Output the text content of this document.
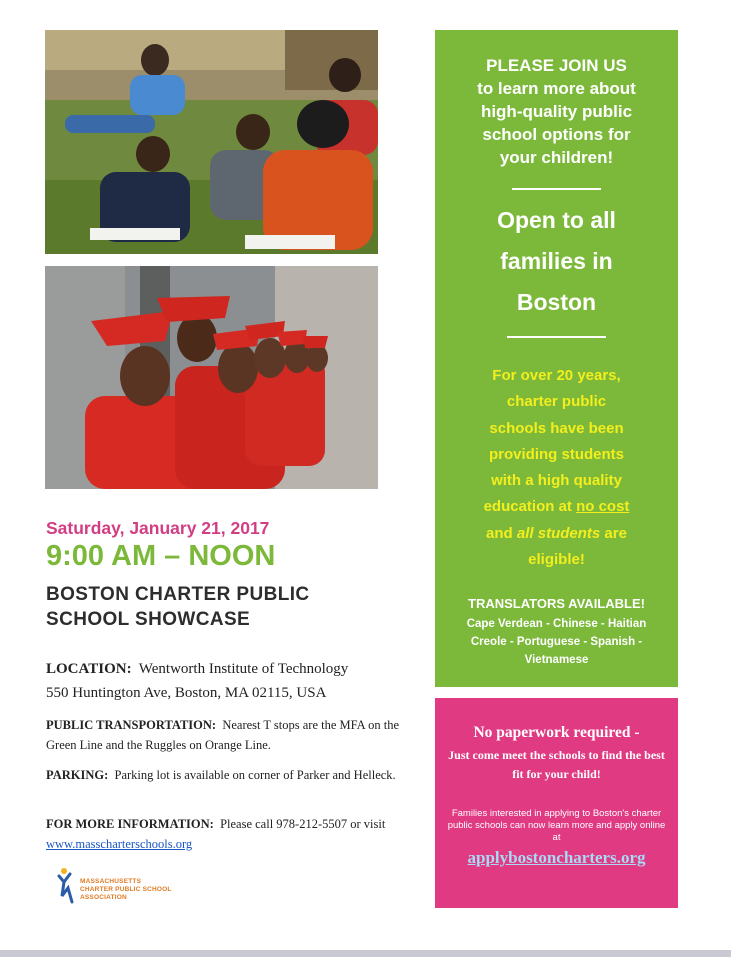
PLEASE JOIN US
to learn more about
high-quality public
school options for
your children!
Open to all
families in
Boston
For over 20 years,
charter public
schools have been
providing students
with a high quality
education at no cost
and all students are
eligible!
TRANSLATORS AVAILABLE!
Cape Verdean - Chinese - Haitian Creole - Portuguese - Spanish - Vietnamese
No paperwork required -
Just come meet the schools to find the best fit for your child!
Families interested in applying to Boston's charter public schools can now learn more and apply online at
applybostoncharters.org
Saturday, January 21, 2017
9:00 AM – NOON
BOSTON CHARTER PUBLIC
SCHOOL SHOWCASE
LOCATION: Wentworth Institute of Technology
550 Huntington Ave, Boston, MA 02115, USA
PUBLIC TRANSPORTATION: Nearest T stops are the MFA on the Green Line and the Ruggles on Orange Line.
PARKING: Parking lot is available on corner of Parker and Helleck.
FOR MORE INFORMATION: Please call 978-212-5507 or visit www.masscharterschools.org
MASSACHUSETTS
CHARTER PUBLIC SCHOOL
ASSOCIATION
